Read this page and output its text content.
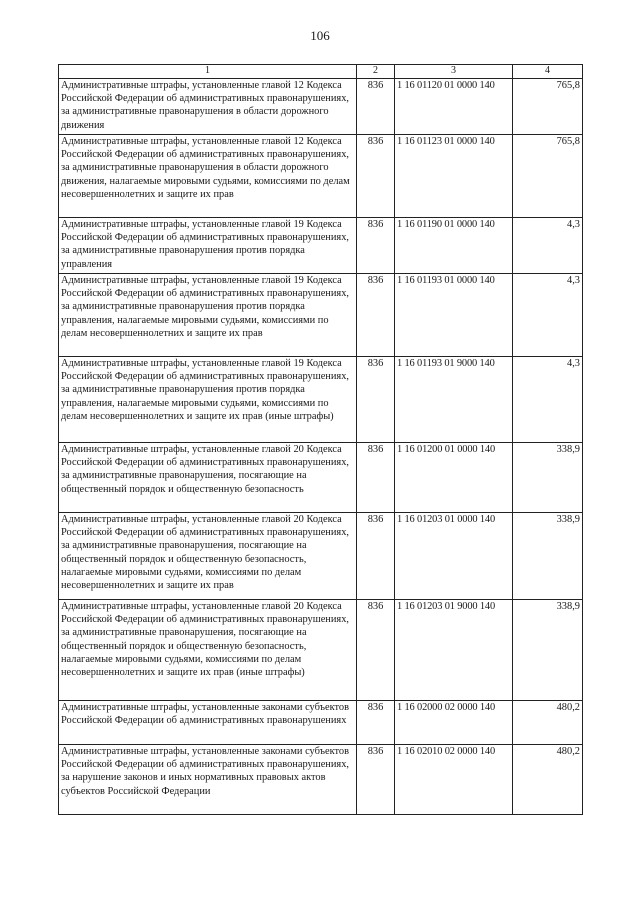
106
1	2	3	4
Административные штрафы, установленные главой 12 Кодекса Российской Федерации об административных правонарушениях, за административные правонарушения в области дорожного движения	836	1 16 01120 01 0000 140	765,8
Административные штрафы, установленные главой 12 Кодекса Российской Федерации об административных правонарушениях, за административные правонарушения в области дорожного движения, налагаемые мировыми судьями, комиссиями по делам несовершеннолетних и защите их прав	836	1 16 01123 01 0000 140	765,8
Административные штрафы, установленные главой 19 Кодекса Российской Федерации об административных правонарушениях, за административные правонарушения против порядка управления	836	1 16 01190 01 0000 140	4,3
Административные штрафы, установленные главой 19 Кодекса Российской Федерации об административных правонарушениях, за административные правонарушения против порядка управления, налагаемые мировыми судьями, комиссиями по делам несовершеннолетних и защите их прав	836	1 16 01193 01 0000 140	4,3
Административные штрафы, установленные главой 19 Кодекса Российской Федерации об административных правонарушениях, за административные правонарушения против порядка управления, налагаемые мировыми судьями, комиссиями по делам несовершеннолетних и защите их прав (иные штрафы)	836	1 16 01193 01 9000 140	4,3
Административные штрафы, установленные главой 20 Кодекса Российской Федерации об административных правонарушениях, за административные правонарушения, посягающие на общественный порядок и общественную безопасность	836	1 16 01200 01 0000 140	338,9
Административные штрафы, установленные главой 20 Кодекса Российской Федерации об административных правонарушениях, за административные правонарушения, посягающие на общественный порядок и общественную безопасность, налагаемые мировыми судьями, комиссиями по делам несовершеннолетних и защите их прав	836	1 16 01203 01 0000 140	338,9
Административные штрафы, установленные главой 20 Кодекса Российской Федерации об административных правонарушениях, за административные правонарушения, посягающие на общественный порядок и общественную безопасность, налагаемые мировыми судьями, комиссиями по делам несовершеннолетних и защите их прав (иные штрафы)	836	1 16 01203 01 9000 140	338,9
Административные штрафы, установленные законами субъектов Российской Федерации об административных правонарушениях	836	1 16 02000 02 0000 140	480,2
Административные штрафы, установленные законами субъектов Российской Федерации об административных правонарушениях, за нарушение законов и иных нормативных правовых актов субъектов Российской Федерации	836	1 16 02010 02 0000 140	480,2
